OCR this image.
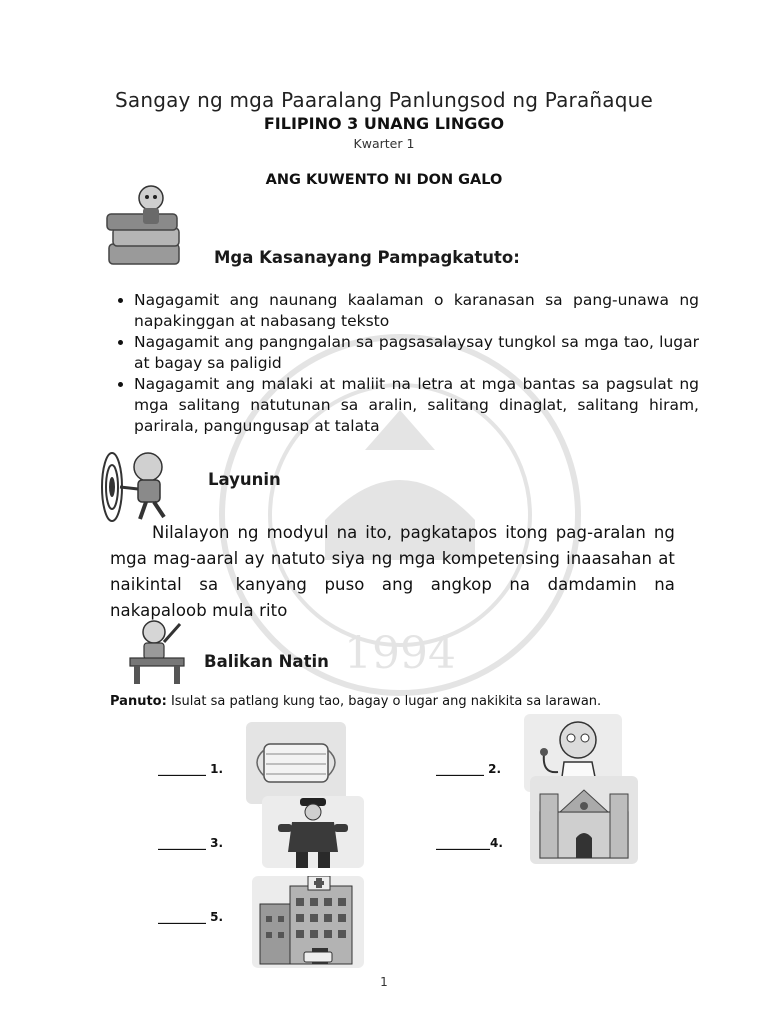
1994
Sangay ng mga Paaralang Panlungsod ng Parañaque
FILIPINO 3 UNANG LINGGO
Kwarter 1
ANG KUWENTO NI DON GALO
Mga Kasanayang Pampagkatuto:
• Nagagamit ang naunang kaalaman o karanasan sa pang-unawa ng napakinggan at nabasang teksto
• Nagagamit ang pangngalan sa pagsasalaysay tungkol sa mga tao, lugar at bagay sa paligid
• Nagagamit ang malaki at maliit na letra at mga bantas sa pagsulat ng mga salitang natutunan sa aralin, salitang dinaglat, salitang hiram, parirala, pangungusap at talata
Layunin
Nilalayon ng modyul na ito, pagkatapos itong pag-aralan ng mga mag-aaral ay natuto siya ng mga kompetensing inaasahan at naikintal sa kanyang puso ang angkop na damdamin na nakapaloob mula rito
Balikan Natin
Panuto: Isulat sa patlang kung tao, bagay o lugar ang nakikita sa larawan.
________ 1.	________ 2.
________ 3.	_________4.
________ 5.
1
